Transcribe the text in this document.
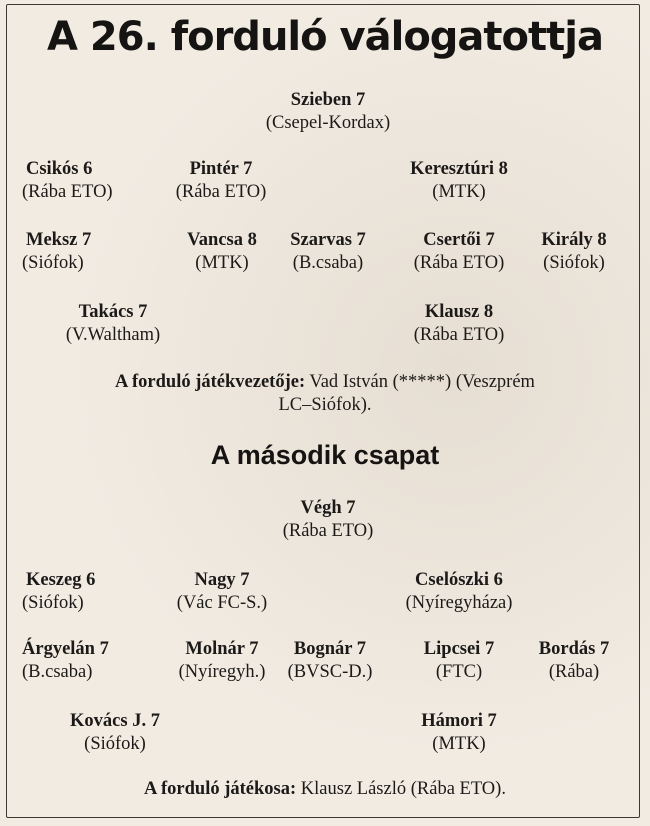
A 26. forduló válogatottja
Szieben 7
(Csepel-Kordax)
Csikós 6
(Rába ETO)
Pintér 7
(Rába ETO)
Keresztúri 8
(MTK)
Meksz 7
(Siófok)
Vancsa 8
(MTK)
Szarvas 7
(B.csaba)
Csertői 7
(Rába ETO)
Király 8
(Siófok)
Takács 7
(V.Waltham)
Klausz 8
(Rába ETO)
A forduló játékvezetője: Vad István (*****) (Veszprém
LC–Siófok).
A második csapat
Végh 7
(Rába ETO)
Keszeg 6
(Siófok)
Nagy 7
(Vác FC-S.)
Cselószki 6
(Nyíregyháza)
Árgyelán 7
(B.csaba)
Molnár 7
(Nyíregyh.)
Bognár 7
(BVSC-D.)
Lipcsei 7
(FTC)
Bordás 7
(Rába)
Kovács J. 7
(Siófok)
Hámori 7
(MTK)
A forduló játékosa: Klausz László (Rába ETO).
